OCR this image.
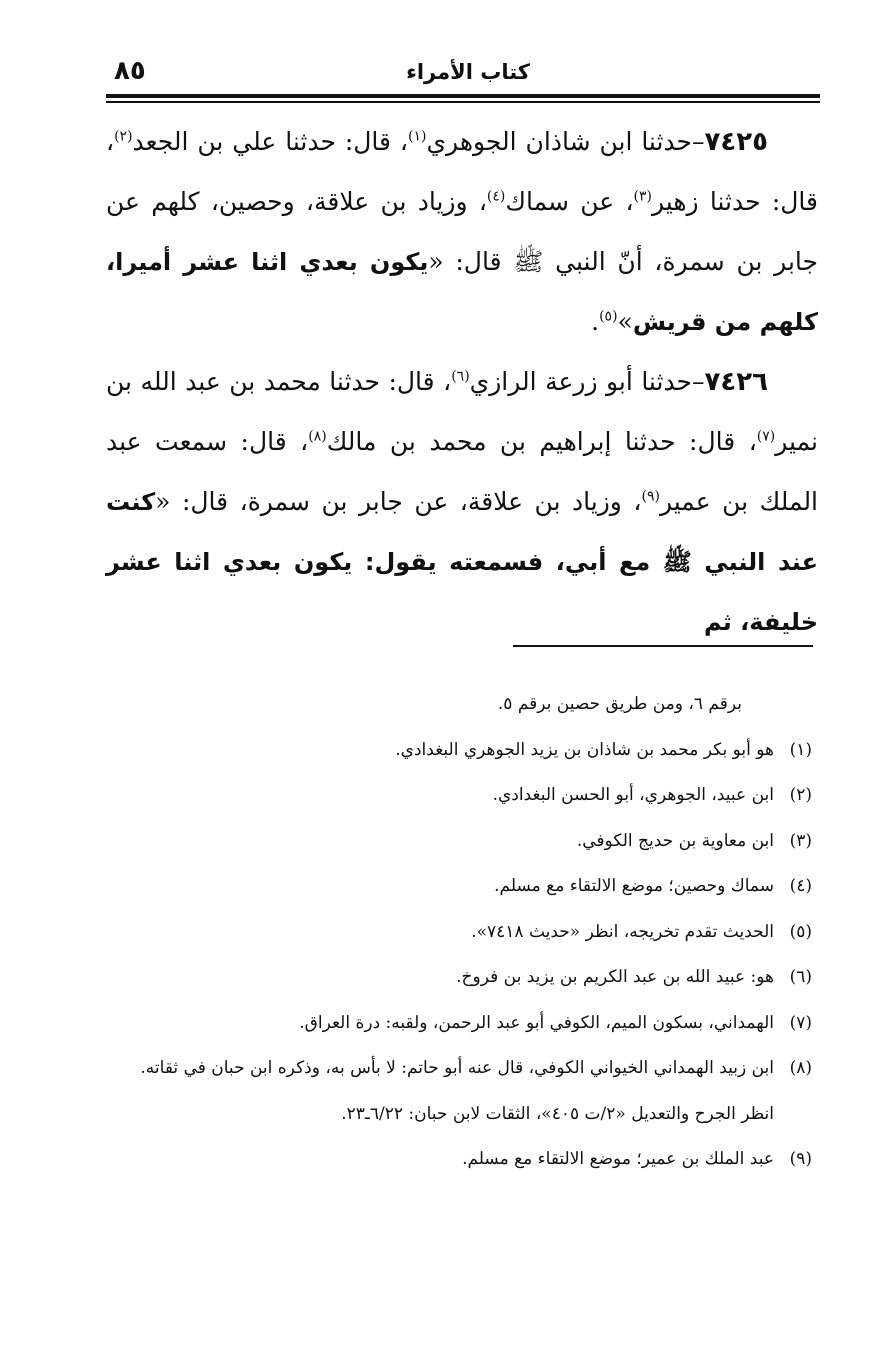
٨٥	كتاب الأمراء

٧٤٢٥–حدثنا ابن شاذان الجوهري$^{(١)}$، قال: حدثنا علي بن الجعد$^{(٢)}$، قال: حدثنا زهير$^{(٣)}$، عن سماك$^{(٤)}$، وزياد بن علاقة، وحصين، كلهم عن جابر بن سمرة، أنّ النبي ﷺ قال: «يكون بعدي اثنا عشر أميرا، كلهم من قريش»$^{(٥)}$.

٧٤٢٦–حدثنا أبو زرعة الرازي$^{(٦)}$، قال: حدثنا محمد بن عبد الله بن نمير$^{(٧)}$، قال: حدثنا إبراهيم بن محمد بن مالك$^{(٨)}$، قال: سمعت عبد الملك بن عمير$^{(٩)}$، وزياد بن علاقة، عن جابر بن سمرة، قال: «كنت عند النبي ﷺ مع أبي، فسمعته يقول: يكون بعدي اثنا عشر خليفة، ثم

برقم ٦، ومن طريق حصين برقم ٥.
(١)
هو أبو بكر محمد بن شاذان بن يزيد الجوهري البغدادي.
(٢)
ابن عبيد، الجوهري، أبو الحسن البغدادي.
(٣)
ابن معاوية بن حديج الكوفي.
(٤)
سماك وحصين؛ موضع الالتقاء مع مسلم.
(٥)
الحديث تقدم تخريجه، انظر «حديث ٧٤١٨».
(٦)
هو: عبيد الله بن عبد الكريم بن يزيد بن فروخ.
(٧)
الهمداني، بسكون الميم، الكوفي أبو عبد الرحمن، ولقبه: درة العراق.
(٨)
ابن زبيد الهمداني الخيواني الكوفي، قال عنه أبو حاتم: لا بأس به، وذكره ابن حبان في ثقاته.
انظر الجرح والتعديل «٢/ت ٤٠٥»، الثقات لابن حبان: ٦/٢٢ـ٢٣.
(٩)
عبد الملك بن عمير؛ موضع الالتقاء مع مسلم.
